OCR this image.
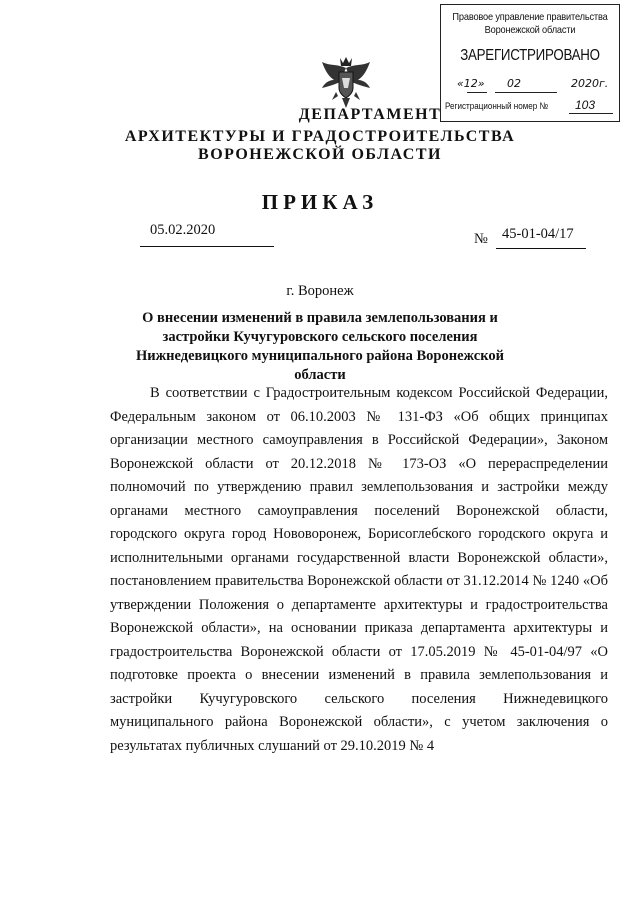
Правовое управление правительства
Воронежской области
ЗАРЕГИСТРИРОВАНО
«12» 02	2020г.
Регистрационный номер № 103
ДЕПАРТАМЕНТ
АРХИТЕКТУРЫ И ГРАДОСТРОИТЕЛЬСТВА
ВОРОНЕЖСКОЙ ОБЛАСТИ
ПРИКАЗ
05.02.2020
№ 45-01-04/17
г. Воронеж
О внесении изменений в правила землепользования и застройки Кучугуровского сельского поселения Нижнедевицкого муниципального района Воронежской области

В соответствии с Градостроительным кодексом Российской Федерации, Федеральным законом от 06.10.2003 № 131-ФЗ «Об общих принципах организации местного самоуправления в Российской Федерации», Законом Воронежской области от 20.12.2018 № 173-ОЗ «О перераспределении полномочий по утверждению правил землепользования и застройки между органами местного самоуправления поселений Воронежской области, городского округа город Нововоронеж, Борисоглебского городского округа и исполнительными органами государственной власти Воронежской области», постановлением правительства Воронежской области от 31.12.2014 № 1240 «Об утверждении Положения о департаменте архитектуры и градостроительства Воронежской области», на основании приказа департамента архитектуры и градостроительства Воронежской области от 17.05.2019 № 45-01-04/97 «О подготовке проекта о внесении изменений в правила землепользования и застройки Кучугуровского сельского поселения Нижнедевицкого муниципального района Воронежской области», с учетом заключения о результатах публичных слушаний от 29.10.2019 № 4
